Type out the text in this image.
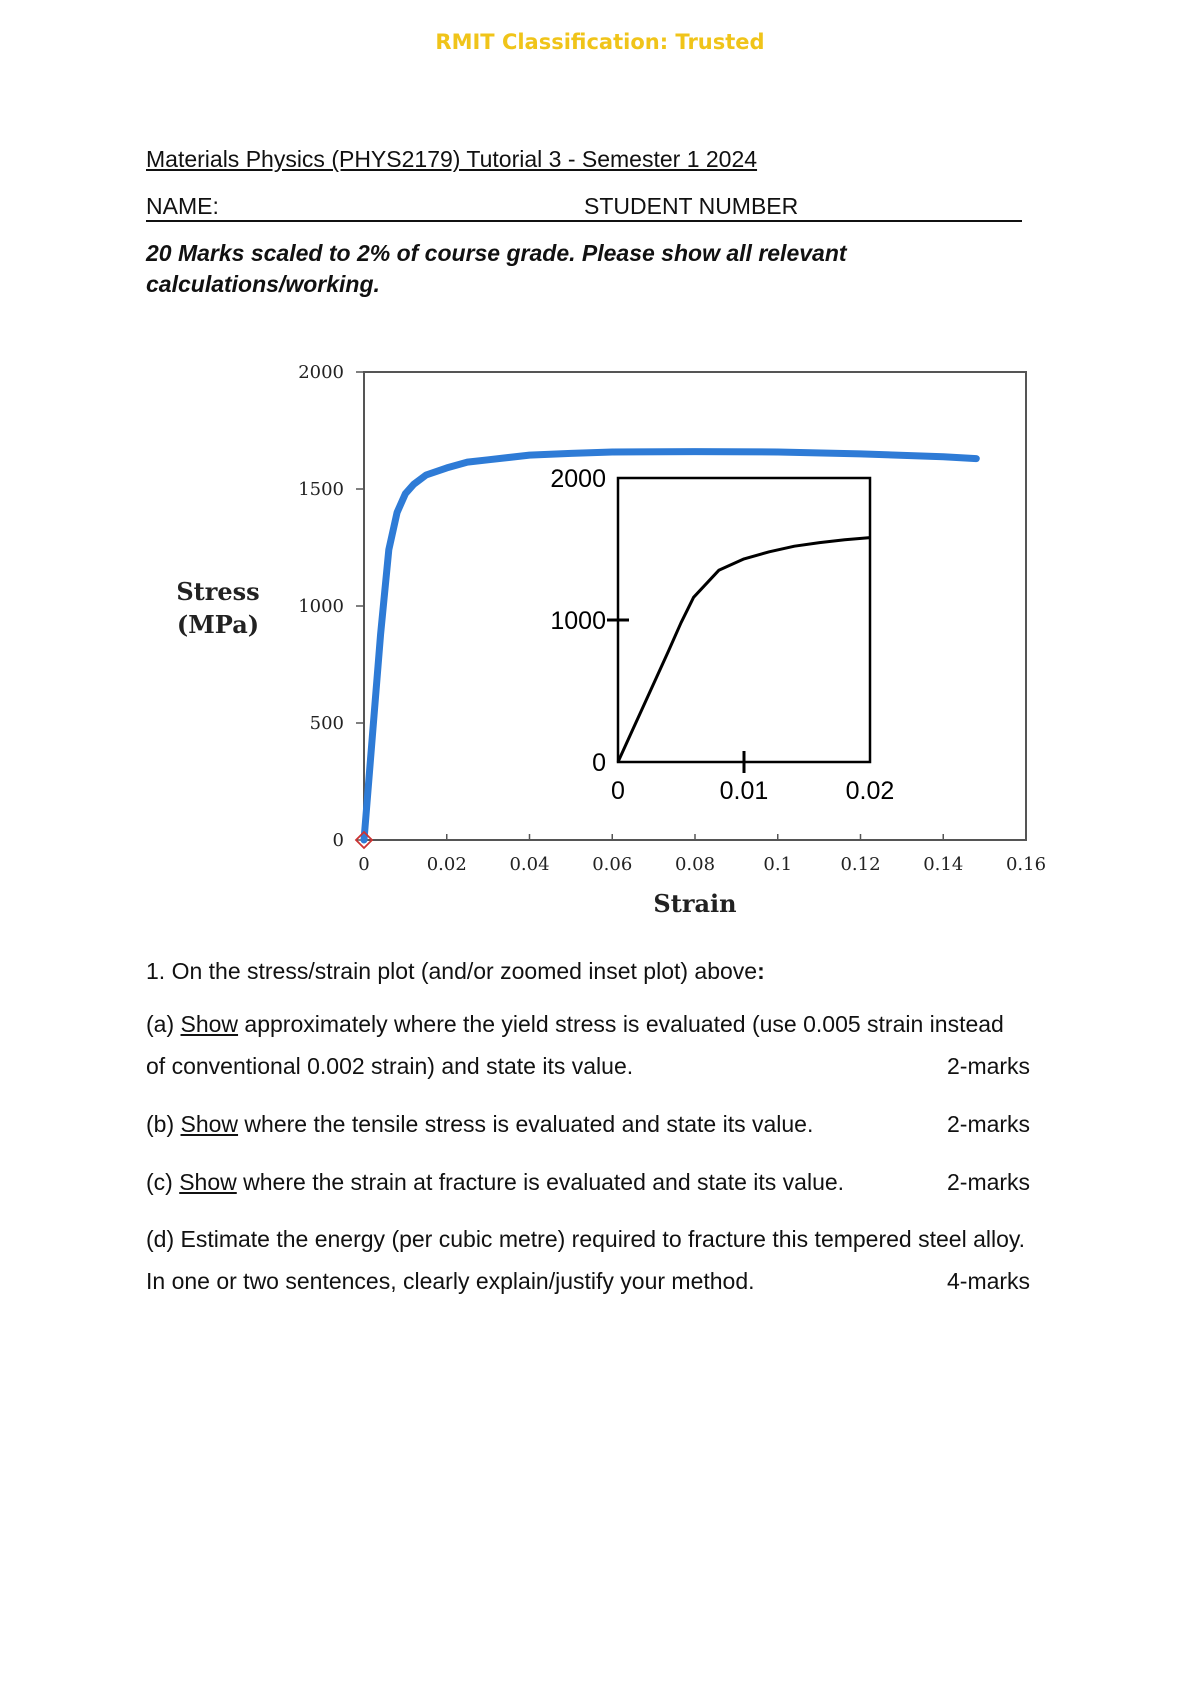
RMIT Classification: Trusted
Materials Physics (PHYS2179) Tutorial 3 - Semester 1 2024
NAME:	STUDENT NUMBER
20 Marks scaled to 2% of course grade. Please show all relevant
calculations/working.
0	0.02 0.04 0.06 0.08	0.1	0.12 0.14 0.16
0
500
1000
1500
2000
Stress
(MPa)
Strain
0	0.01	0.02
0
1000
2000
1. On the stress/strain plot (and/or zoomed inset plot) above:
(a) Show approximately where the yield stress is evaluated (use 0.005 strain instead
of conventional 0.002 strain) and state its value.	2-marks
(b) Show where the tensile stress is evaluated and state its value.	2-marks
(c) Show where the strain at fracture is evaluated and state its value.	2-marks
(d) Estimate the energy (per cubic metre) required to fracture this tempered steel alloy.
In one or two sentences, clearly explain/justify your method.	4-marks
